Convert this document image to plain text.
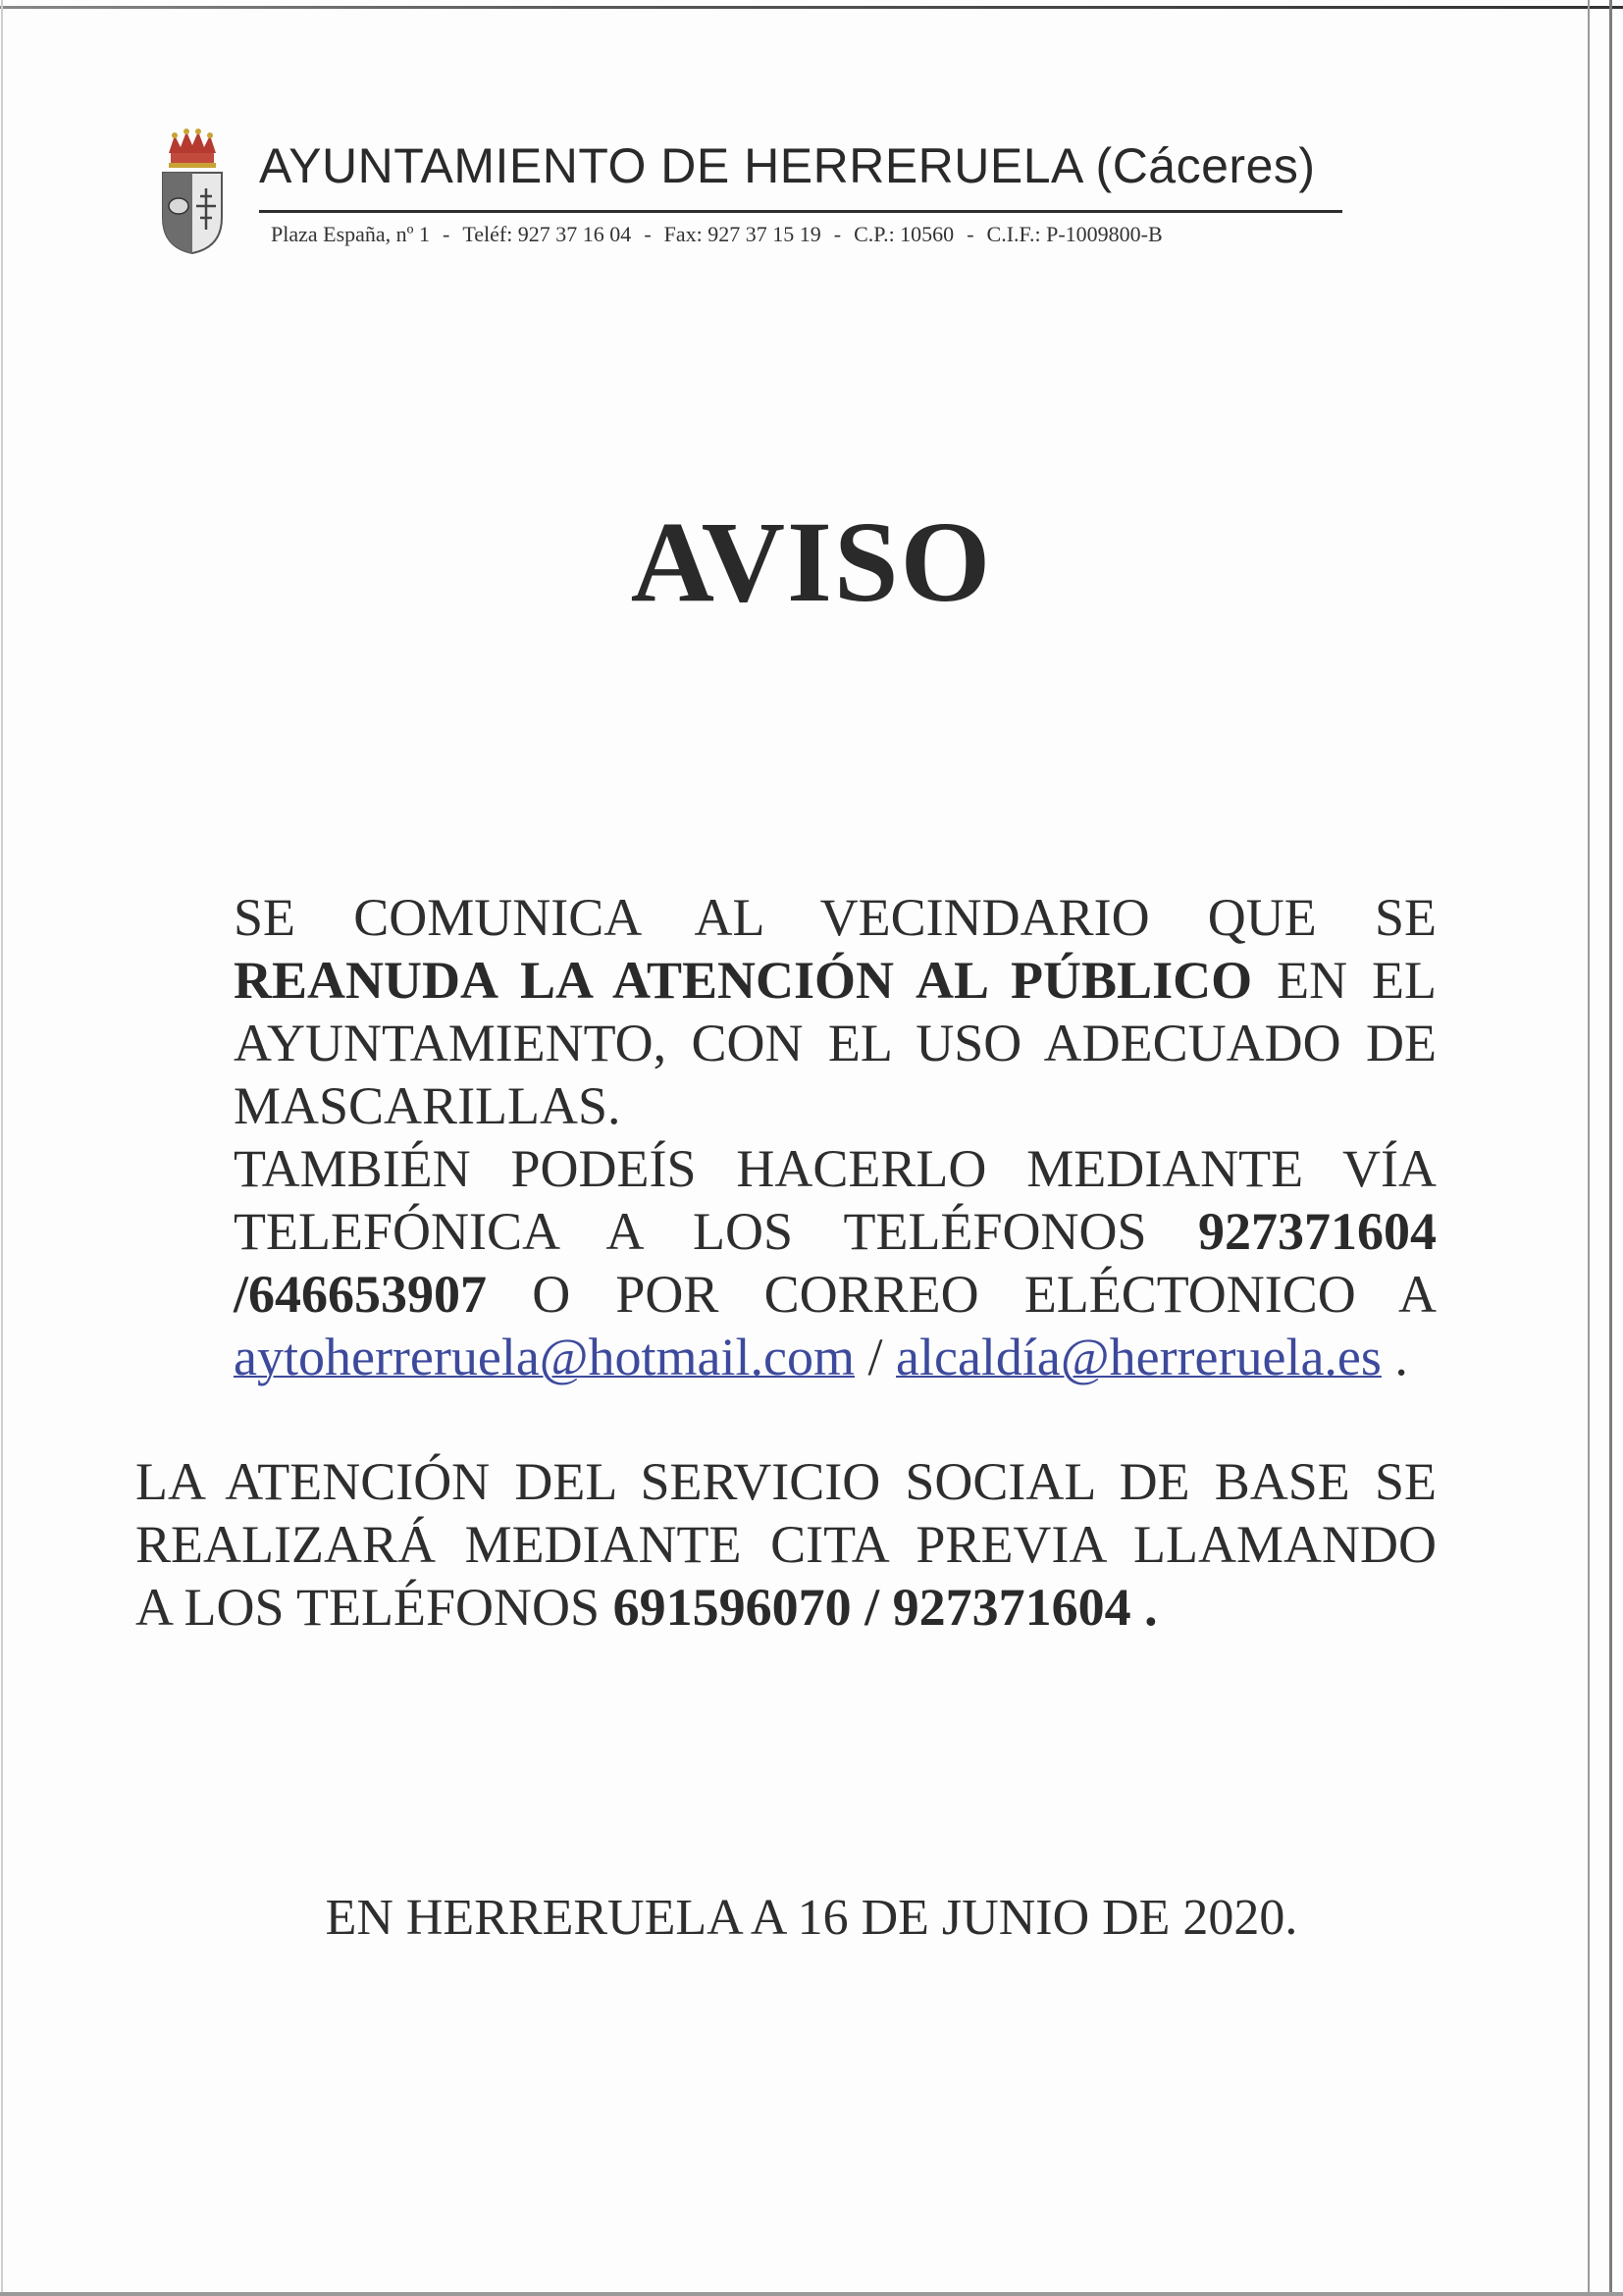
AYUNTAMIENTO DE HERRERUELA (Cáceres)
Plaza España, nº 1 - Teléf: 927 37 16 04 - Fax: 927 37 15 19 - C.P.: 10560 - C.I.F.: P-1009800-B
AVISO
SE COMUNICA AL VECINDARIO QUE SE
REANUDA LA ATENCIÓN AL PÚBLICO EN EL
AYUNTAMIENTO, CON EL USO ADECUADO DE
MASCARILLAS.
TAMBIÉN PODEÍS HACERLO MEDIANTE VÍA
TELEFÓNICA A LOS TELÉFONOS 927371604
/646653907 O POR CORREO ELÉCTONICO A
aytoherreruela@hotmail.com / alcaldía@herreruela.es .
LA ATENCIÓN DEL SERVICIO SOCIAL DE BASE SE
REALIZARÁ MEDIANTE CITA PREVIA LLAMANDO
A LOS TELÉFONOS 691596070 / 927371604 .
EN HERRERUELA A 16 DE JUNIO DE 2020.
